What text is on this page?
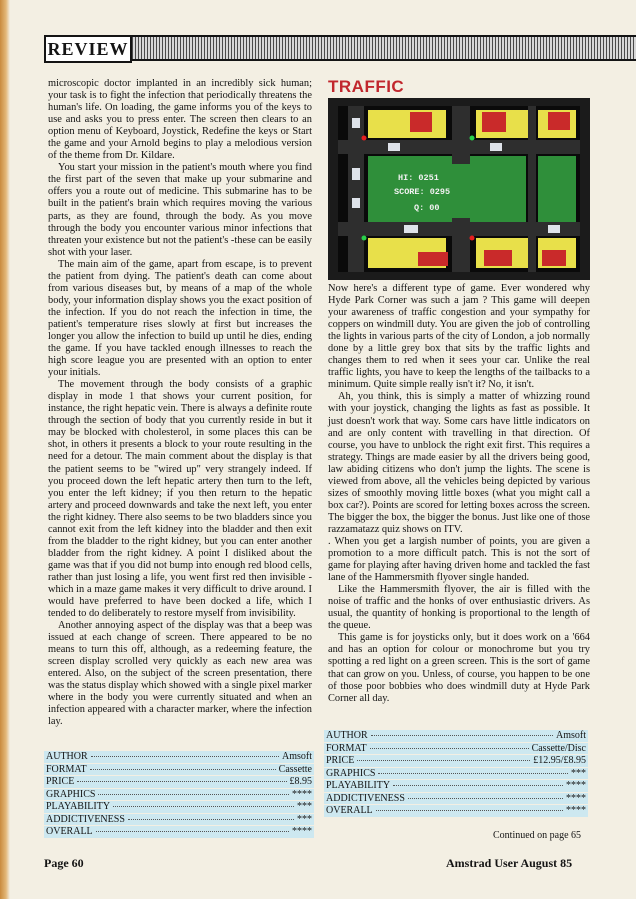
REVIEW

microscopic doctor implanted in an incredibly sick human; your task is to fight the infection that periodically threatens the human's life. On loading, the game informs you of the keys to use and asks you to press enter. The screen then clears to an option menu of Keyboard, Joystick, Redefine the keys or Start the game and your Arnold begins to play a melodious version of the theme from Dr. Kildare.

You start your mission in the patient's mouth where you find the first part of the seven that make up your submarine and offers you a route out of medicine. This submarine has to be built in the patient's brain which requires moving the various parts, as they are found, through the body. As you move through the body you encounter various minor infections that threaten your existence but not the patient's -these can be easily shot with your laser.

The main aim of the game, apart from escape, is to prevent the patient from dying. The patient's death can come about from various diseases but, by means of a map of the whole body, your information display shows you the exact position of the infection. If you do not reach the infection in time, the patient's temperature rises slowly at first but increases the longer you allow the infection to build up until he dies, ending the game. If you have tackled enough illnesses to reach the high score league you are presented with an option to enter your initials.

The movement through the body consists of a graphic display in mode 1 that shows your current position, for instance, the right hepatic vein. There is always a definite route through the section of body that you currently reside in but it may be blocked with cholesterol, in some places this can be shot, in others it presents a block to your route resulting in the need for a detour. The main comment about the display is that the patient seems to be "wired up" very strangely indeed. If you proceed down the left hepatic artery then turn to the left, you enter the left kidney; if you then return to the hepatic artery and proceed downwards and take the next left, you enter the right kidney. There also seems to be two bladders since you cannot exit from the left kidney into the bladder and then exit from the bladder to the right kidney, but you can enter another bladder from the right kidney. A point I disliked about the game was that if you did not bump into enough red blood cells, rather than just losing a life, you went first red then invisible - which in a maze game makes it very difficult to drive around. I would have preferred to have been docked a life, which I tended to do deliberately to restore myself from invisibility.

Another annoying aspect of the display was that a beep was issued at each change of screen. There appeared to be no means to turn this off, although, as a redeeming feature, the screen display scrolled very quickly as each new area was entered. Also, on the subject of the screen presentation, there was the status display which showed with a single pixel marker where in the body you were currently situated and when an infection appeared with a character marker, where the infection lay.

AUTHOR	Amsoft
FORMAT	Cassette
PRICE	£8.95
GRAPHICS	****
PLAYABILITY	***
ADDICTIVENESS	***
OVERALL	****
TRAFFIC
HI: 0251
SCORE: 0295
Q: 00

Now here's a different type of game. Ever wondered why Hyde Park Corner was such a jam ? This game will deepen your awareness of traffic congestion and your sympathy for coppers on windmill duty. You are given the job of controlling the lights in various parts of the city of London, a job normally done by a little grey box that sits by the traffic lights and changes them to red when it sees your car. Unlike the real traffic lights, you have to keep the lengths of the tailbacks to a minimum. Quite simple really isn't it? No, it isn't.

Ah, you think, this is simply a matter of whizzing round with your joystick, changing the lights as fast as possible. It just doesn't work that way. Some cars have little indicators on and are only content with travelling in that direction. Of course, you have to unblock the right exit first. This requires a strategy. Things are made easier by all the drivers being good, law abiding citizens who don't jump the lights. The scene is viewed from above, all the vehicles being depicted by various sizes of smoothly moving little boxes (what you might call a box car?). Points are scored for letting boxes across the screen. The bigger the box, the bigger the bonus. Just like one of those razzamatazz quiz shows on ITV.

. When you get a largish number of points, you are given a promotion to a more difficult patch. This is not the sort of game for playing after having driven home and tackled the fast lane of the Hammersmith flyover single handed.

Like the Hammersmith flyover, the air is filled with the noise of traffic and the honks of over enthusiastic drivers. As usual, the quantity of honking is proportional to the length of the queue.

This game is for joysticks only, but it does work on a '664 and has an option for colour or monochrome but you try spotting a red light on a green screen. This is the sort of game that can grow on you. Unless, of course, you happen to be one of those poor bobbies who does windmill duty at Hyde Park Corner all day.

AUTHOR	Amsoft
FORMAT	Cassette/Disc
PRICE	£12.95/£8.95
GRAPHICS	***
PLAYABILITY	****
ADDICTIVENESS	****
OVERALL	****
Continued on page 65
Page 60	Amstrad User August 85
